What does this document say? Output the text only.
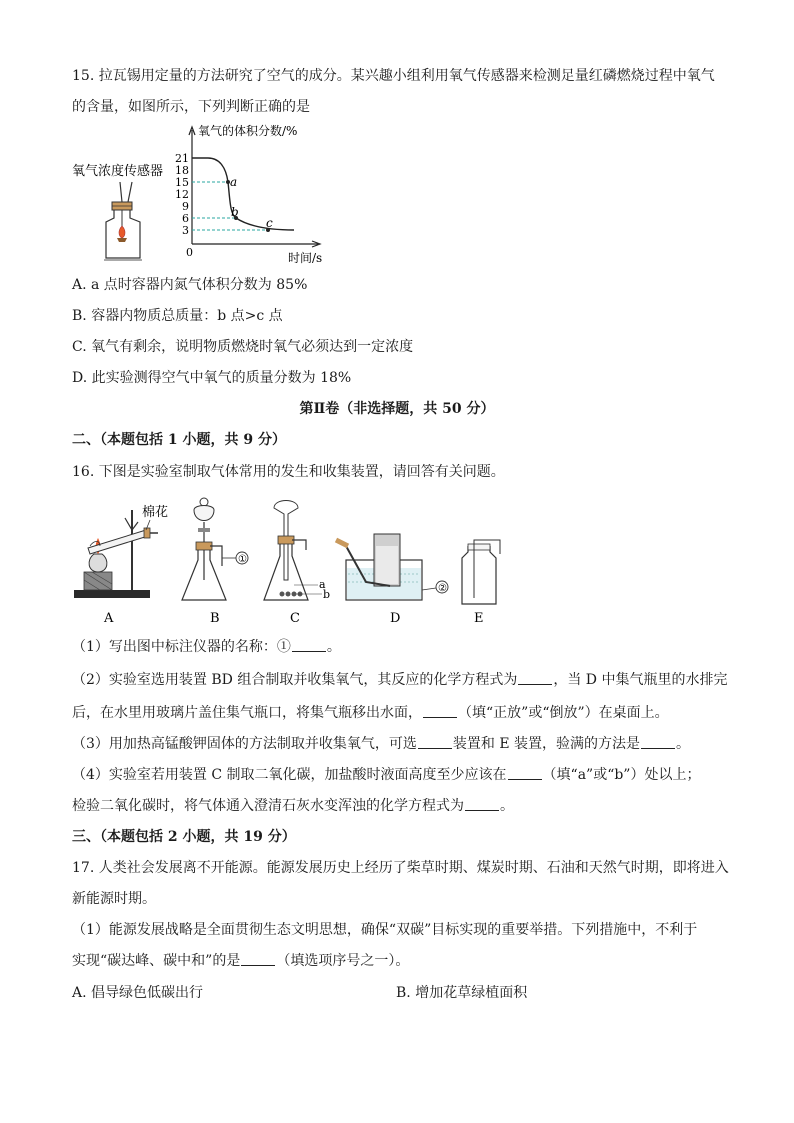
15. 拉瓦锡用定量的方法研究了空气的成分。某兴趣小组利用氧气传感器来检测足量红磷燃烧过程中氧气
的含量，如图所示，下列判断正确的是
氧气浓度传感器
氧气的体积分数/%
时间/s
0
21
18
15
12
9
6
3
a
b
c
A. a 点时容器内氮气体积分数为 85%
B. 容器内物质总质量：b 点>c 点
C. 氧气有剩余，说明物质燃烧时氧气必须达到一定浓度
D. 此实验测得空气中氧气的质量分数为 18%
第Ⅱ卷（非选择题，共 50 分）
二、（本题包括 1 小题，共 9 分）
16. 下图是实验室制取气体常用的发生和收集装置，请回答有关问题。
棉花
A
①
B
a
b
C
②
D	E
（1）写出图中标注仪器的名称：①	。
（2）实验室选用装置 BD 组合制取并收集氧气，其反应的化学方程式为	，当 D 中集气瓶里的水排完
后，在水里用玻璃片盖住集气瓶口，将集气瓶移出水面，	（填“正放”或“倒放”）在桌面上。
（3）用加热高锰酸钾固体的方法制取并收集氧气，可选	装置和 E 装置，验满的方法是	。
（4）实验室若用装置 C 制取二氧化碳，加盐酸时液面高度至少应该在	（填“a”或“b”）处以上；
检验二氧化碳时，将气体通入澄清石灰水变浑浊的化学方程式为	。
三、（本题包括 2 小题，共 19 分）
17. 人类社会发展离不开能源。能源发展历史上经历了柴草时期、煤炭时期、石油和天然气时期，即将进入
新能源时期。
（1）能源发展战略是全面贯彻生态文明思想，确保“双碳”目标实现的重要举措。下列措施中，不利于
实现“碳达峰、碳中和”的是	（填选项序号之一）。
A. 倡导绿色低碳出行	B. 增加花草绿植面积
